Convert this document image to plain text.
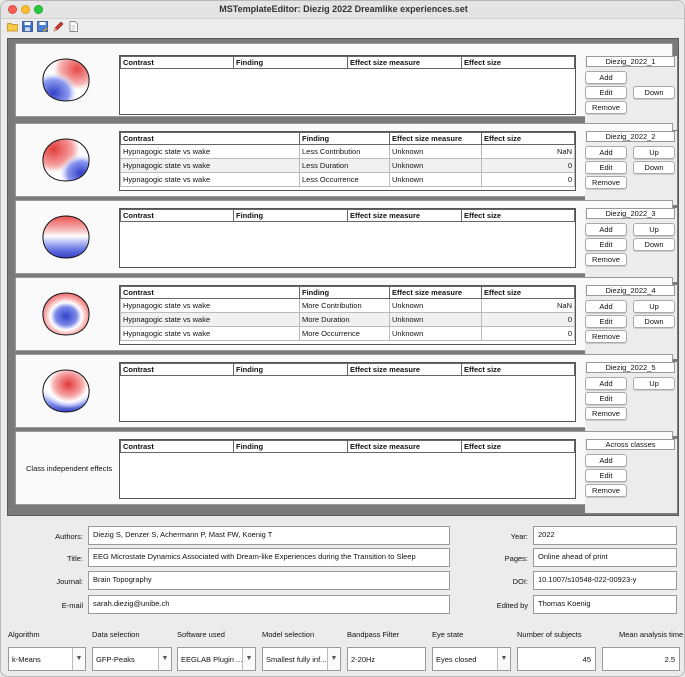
MSTemplateEditor: Diezig 2022 Dreamlike experiences.set
Contrast	Finding	Effect size measure	Effect size	Diezig_2022_1
Add
Edit
Remove
Down
Contrast	Finding	Effect size measure	Effect size
Hypnagogic state vs wake	Less Contribution	Unknown	NaN
Hypnagogic state vs wake	Less Duration	Unknown	0
Hypnagogic state vs wake	Less Occurrence	Unknown	0
Diezig_2022_2
Add
Edit
Remove
Up
Down
Contrast	Finding	Effect size measure	Effect size	Diezig_2022_3
Add
Edit
Remove
Up
Down
Contrast	Finding	Effect size measure	Effect size
Hypnagogic state vs wake	More Contribution	Unknown	NaN
Hypnagogic state vs wake	More Duration	Unknown	0
Hypnagogic state vs wake	More Occurrence	Unknown	0
Diezig_2022_4
Add
Edit
Remove
Up
Down
Contrast	Finding	Effect size measure	Effect size	Diezig_2022_5
Add
Edit
Remove
Up
Class independent effects
Contrast	Finding	Effect size measure	Effect size	Across classes
Add
Edit
Remove
Authors:	Diezig S, Denzer S, Achermann P, Mast FW, Koenig T
Title:	EEG Microstate Dynamics Associated with Dream-like Experiences during the Transition to Sleep
Journal:	Brain Topography
E-mail	sarah.diezig@unibe.ch
Year:	2022
Pages:	Online ahead of print
DOI:	10.1007/s10548-022-00923-y
Edited by	Thomas Koenig
Algorithm
k-Means	▼
Data selection
GFP-Peaks	▼
Software used
EEGLAB Plugin ... ▼
Model selection
Smallest fully inf... ▼
Bandpass Filter
2-20Hz
Eye state
Eyes closed	▼
Number of subjects
45
Mean analysis time
2.5
